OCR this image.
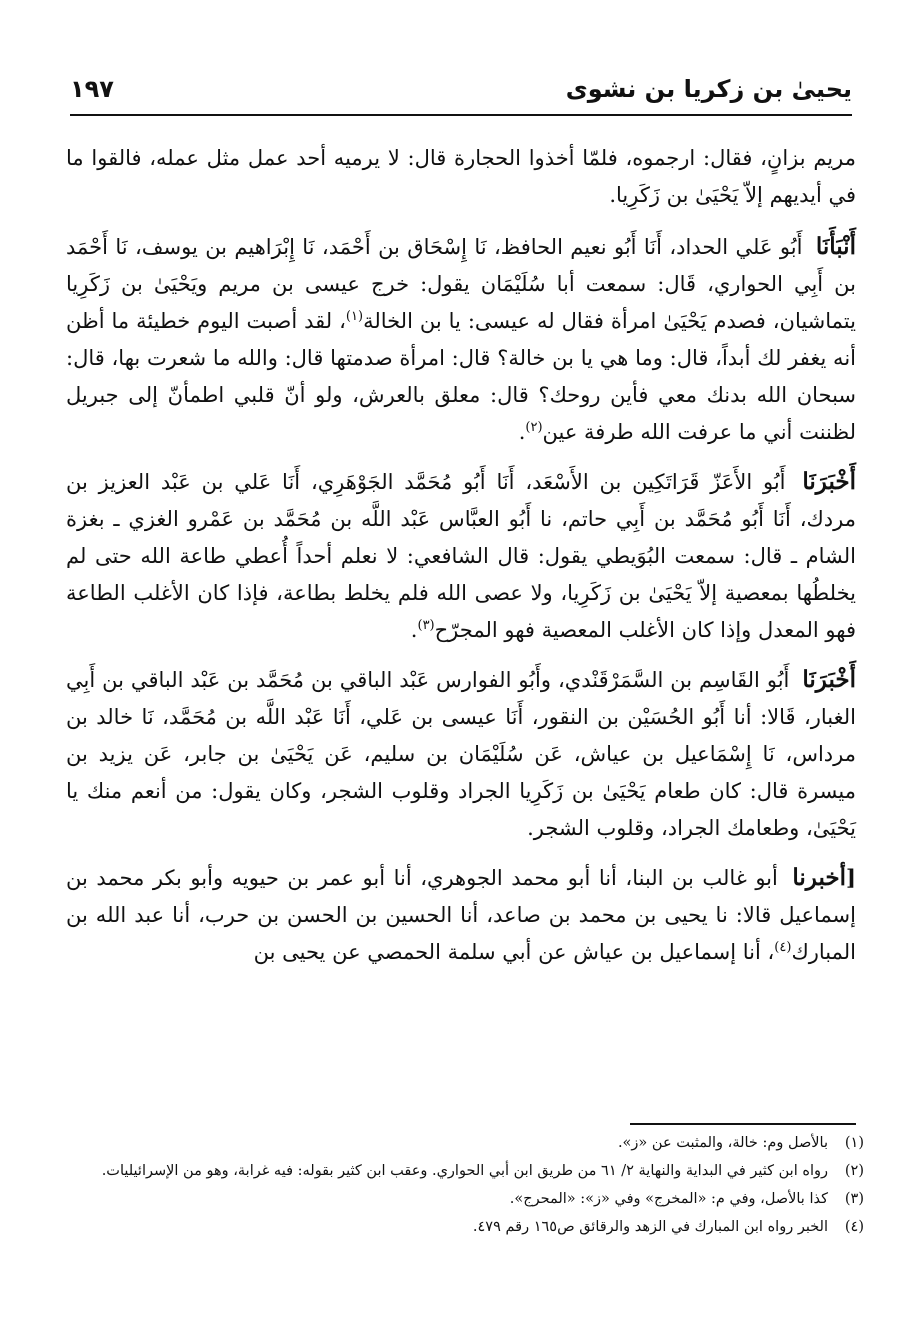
يحيىٰ بن زكريا بن نشوى
١٩٧

مريم بزانٍ، فقال: ارجموه، فلمّا أخذوا الحجارة قال: لا يرميه أحد عمل مثل عمله، فالقوا ما في أيديهم إلاّ يَحْيَىٰ بن زَكَرِيا.

أَنْبَأَنَا أَبُو عَلي الحداد، أَنَا أَبُو نعيم الحافظ، نَا إِسْحَاق بن أَحْمَد، نَا إِبْرَاهيم بن يوسف، نَا أَحْمَد بن أَبِي الحواري، قَال: سمعت أبا سُلَيْمَان يقول: خرج عيسى بن مريم ويَحْيَىٰ بن زَكَرِيا يتماشيان، فصدم يَحْيَىٰ امرأة فقال له عيسى: يا بن الخالة$^{(١)}$، لقد أصبت اليوم خطيئة ما أظن أنه يغفر لك أبداً، قال: وما هي يا بن خالة؟ قال: امرأة صدمتها قال: والله ما شعرت بها، قال: سبحان الله بدنك معي فأين روحك؟ قال: معلق بالعرش، ولو أنّ قلبي اطمأنّ إلى جبريل لظننت أني ما عرفت الله طرفة عين$^{(٢)}$.

أَخْبَرَنَا أَبُو الأَعَزّ قَرَاتَكِين بن الأَسْعَد، أَنَا أَبُو مُحَمَّد الجَوْهَرِي، أَنَا عَلي بن عَبْد العزيز بن مردك، أَنَا أَبُو مُحَمَّد بن أَبِي حاتم، نا أَبُو العبَّاس عَبْد اللَّه بن مُحَمَّد بن عَمْرو الغزي ـ بغزة الشام ـ قال: سمعت البُوَيطي يقول: قال الشافعي: لا نعلم أحداً أُعطي طاعة الله حتى لم يخلطُها بمعصية إلاّ يَحْيَىٰ بن زَكَرِيا، ولا عصى الله فلم يخلط بطاعة، فإذا كان الأغلب الطاعة فهو المعدل وإذا كان الأغلب المعصية فهو المجرّح$^{(٣)}$.

أَخْبَرَنَا أَبُو القَاسِم بن السَّمَرْقَنْدي، وأَبُو الفوارس عَبْد الباقي بن مُحَمَّد بن عَبْد الباقي بن أَبِي الغبار، قَالا: أنا أَبُو الحُسَيْن بن النقور، أَنَا عيسى بن عَلي، أَنَا عَبْد اللَّه بن مُحَمَّد، نَا خالد بن مرداس، نَا إِسْمَاعيل بن عياش، عَن سُلَيْمَان بن سليم، عَن يَحْيَىٰ بن جابر، عَن يزيد بن ميسرة قال: كان طعام يَحْيَىٰ بن زَكَرِيا الجراد وقلوب الشجر، وكان يقول: من أنعم منك يا يَحْيَىٰ، وطعامك الجراد، وقلوب الشجر.

[أخبرنا أبو غالب بن البنا، أنا أبو محمد الجوهري، أنا أبو عمر بن حيويه وأبو بكر محمد بن إسماعيل قالا: نا يحيى بن محمد بن صاعد، أنا الحسين بن الحسن بن حرب، أنا عبد الله بن المبارك$^{(٤)}$، أنا إسماعيل بن عياش عن أبي سلمة الحمصي عن يحيى بن

(١)
بالأصل وم: خالة، والمثبت عن «ز».
(٢)
رواه ابن كثير في البداية والنهاية ٢/ ٦١ من طريق ابن أبي الحواري. وعقب ابن كثير بقوله: فيه غرابة، وهو من الإسرائيليات.
(٣)
كذا بالأصل، وفي م: «المخرج» وفي «ز»: «المحرج».
(٤)
الخبر رواه ابن المبارك في الزهد والرقائق ص١٦٥ رقم ٤٧٩.
